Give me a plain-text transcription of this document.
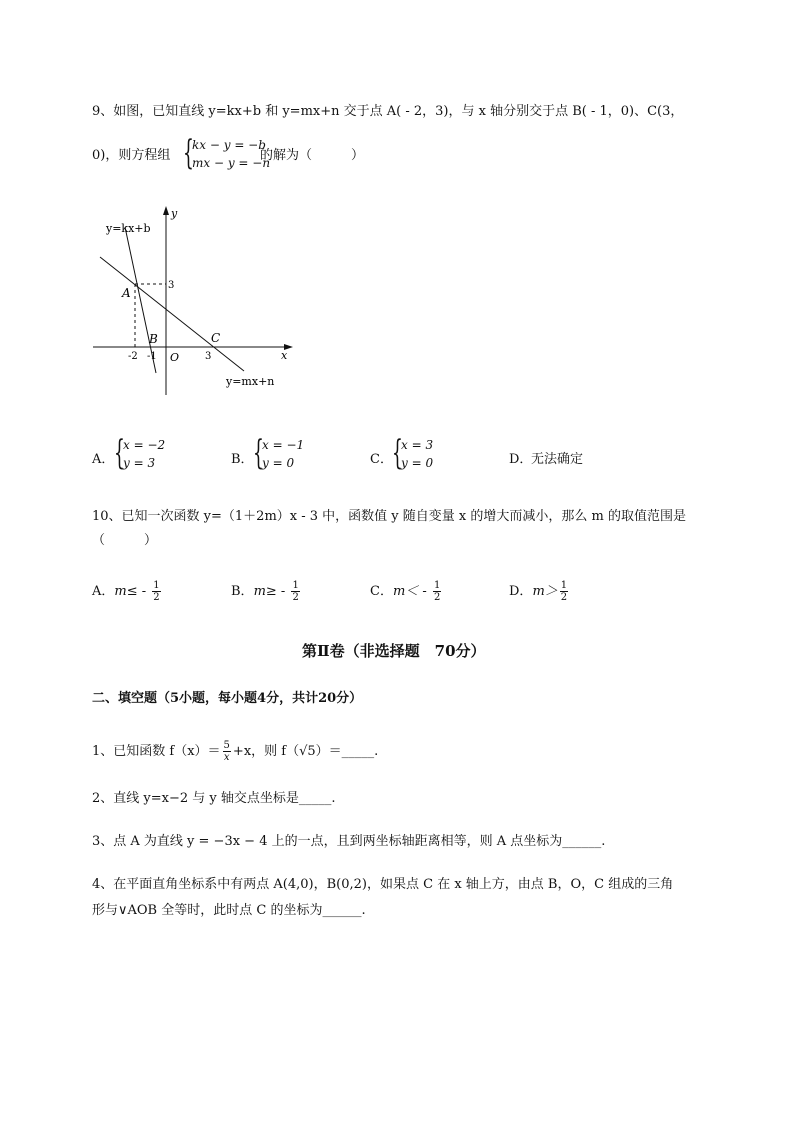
9、如图，已知直线 y=kx+b 和 y=mx+n 交于点 A( - 2，3)，与 x 轴分别交于点 B( - 1，0)、C(3，
0)，则方程组 {
kx − y = −b
mx − y = −n
的解为（　　　）
y=kx+b
y=mx+n
y
x
A
B	C
O
3
-2 -1	3
A． {
x = −2
y = 3	B． {
x = −1
y = 0	C． {
x = 3
y = 0	D．
无法确定
10、已知一次函数 y=（1＋2m）x - 3 中，函数值 y 随自变量 x 的增大而减小，那么 m 的取值范围是
（　　　）
A．$m\le - \frac{1}{2}$	B．$m\ge - \frac{1}{2}$	C．$m< - \frac{1}{2}$	D．$m> \frac{1}{2}$
第Ⅱ卷（非选择题　70分）
二、填空题（5小题，每小题4分，共计20分）
1、已知函数 $f(x)= \frac{5}{x} +x$，则 f（√5）＝_____.
2、直线 y=x−2 与 y 轴交点坐标是_____.
3、点 A 为直线 y = −3x − 4 上的一点，且到两坐标轴距离相等，则 A 点坐标为______.
4、在平面直角坐标系中有两点 A(4,0)，B(0,2)，如果点 C 在 x 轴上方，由点 B，O，C 组成的三角
形与∨AOB 全等时，此时点 C 的坐标为______.
